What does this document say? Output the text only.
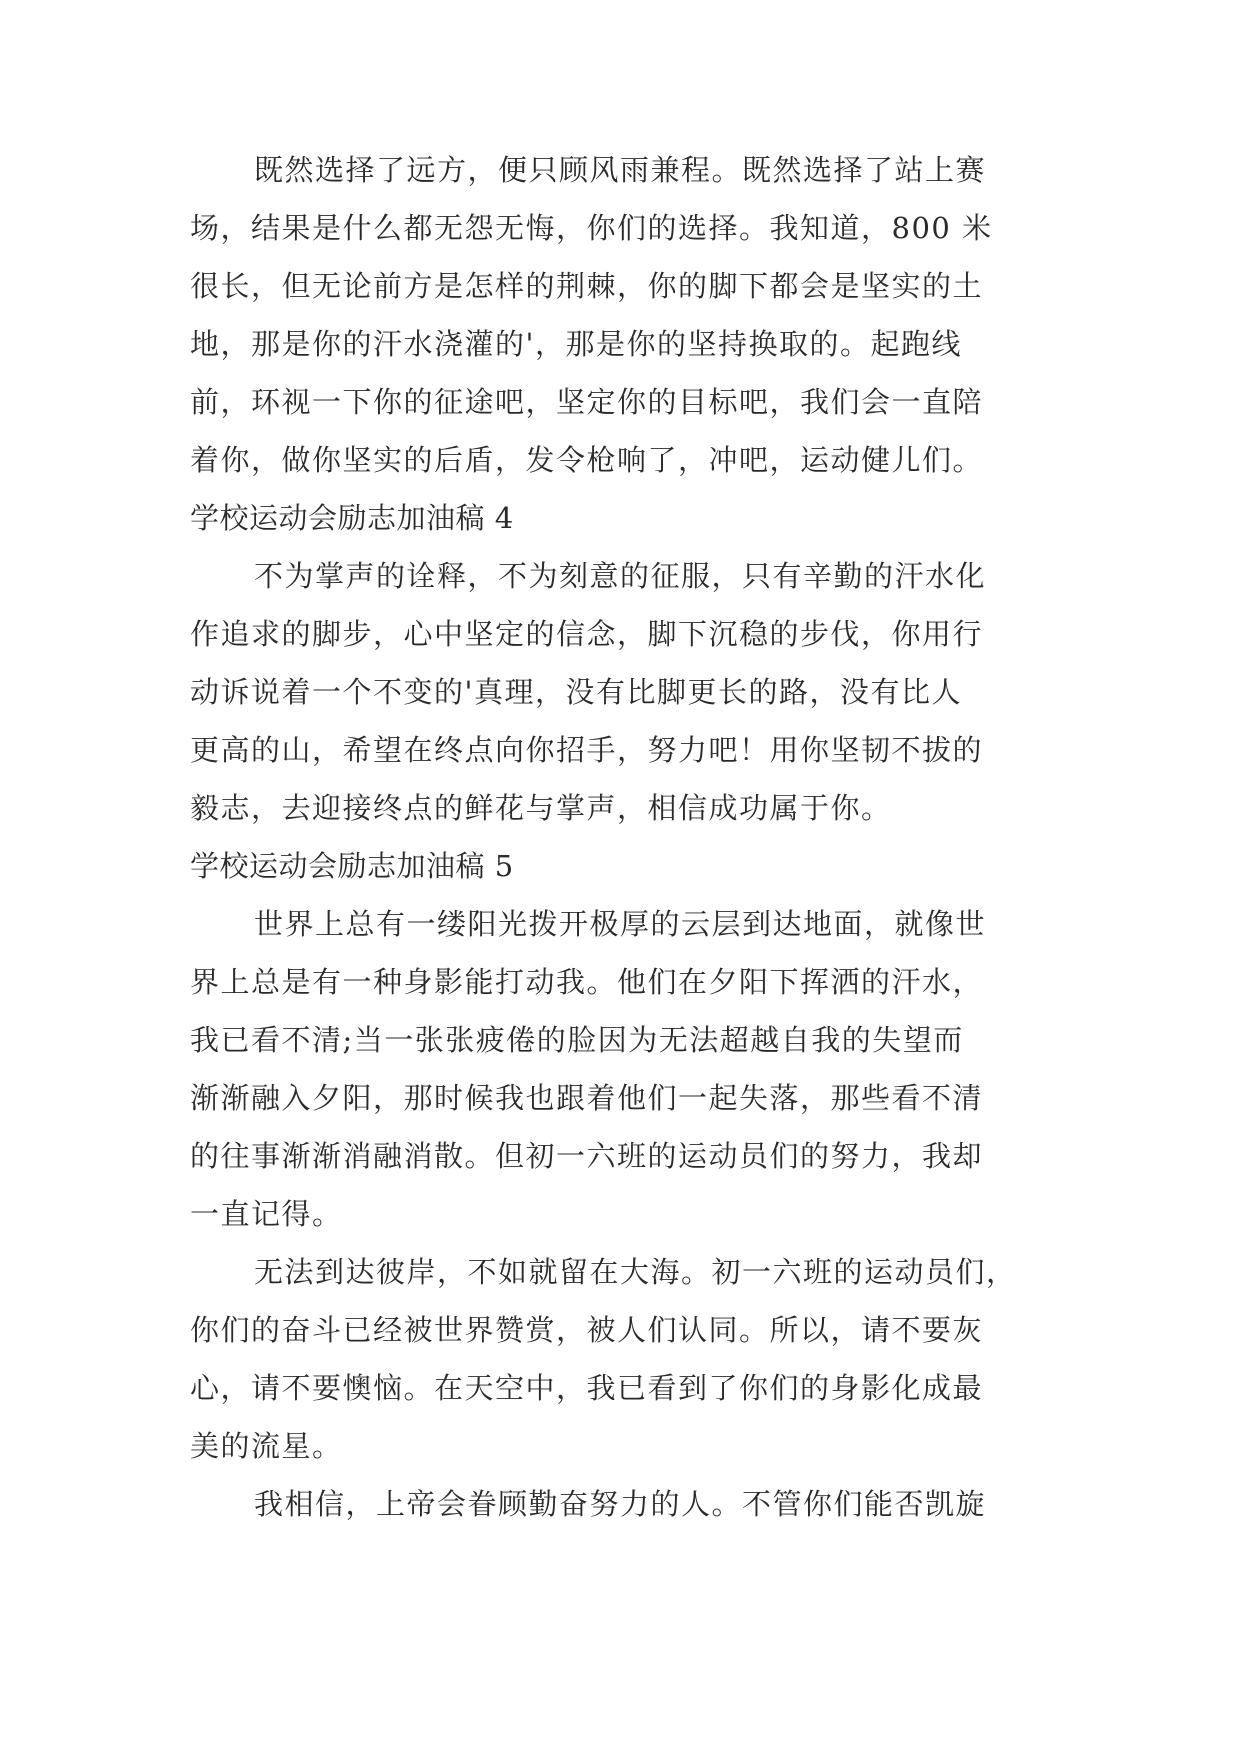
既然选择了远方，便只顾风雨兼程。既然选择了站上赛
场，结果是什么都无怨无悔，你们的选择。我知道，800 米
很长，但无论前方是怎样的荆棘，你的脚下都会是坚实的土
地，那是你的汗水浇灌的'，那是你的坚持换取的。起跑线
前，环视一下你的征途吧，坚定你的目标吧，我们会一直陪
着你，做你坚实的后盾，发令枪响了，冲吧，运动健儿们。
学校运动会励志加油稿 4
不为掌声的诠释，不为刻意的征服，只有辛勤的汗水化
作追求的脚步，心中坚定的信念，脚下沉稳的步伐，你用行
动诉说着一个不变的'真理，没有比脚更长的路，没有比人
更高的山，希望在终点向你招手，努力吧！用你坚韧不拔的
毅志，去迎接终点的鲜花与掌声，相信成功属于你。
学校运动会励志加油稿 5
世界上总有一缕阳光拨开极厚的云层到达地面，就像世
界上总是有一种身影能打动我。他们在夕阳下挥洒的汗水，
我已看不清;当一张张疲倦的脸因为无法超越自我的失望而
渐渐融入夕阳，那时候我也跟着他们一起失落，那些看不清
的往事渐渐消融消散。但初一六班的运动员们的努力，我却
一直记得。
无法到达彼岸，不如就留在大海。初一六班的运动员们，
你们的奋斗已经被世界赞赏，被人们认同。所以，请不要灰
心，请不要懊恼。在天空中，我已看到了你们的身影化成最
美的流星。
我相信，上帝会眷顾勤奋努力的人。不管你们能否凯旋
